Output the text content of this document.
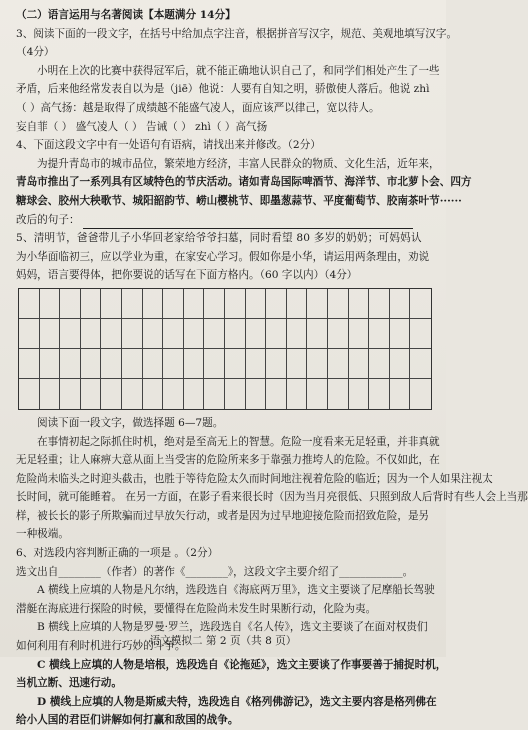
（二）语言运用与名著阅读【本题满分 14分】
3、阅读下面的一段文字，在括号中给加点字注音，根据拼音写汉字，规范、美观地填写汉字。
（4分）
小明在上次的比赛中获得冠军后，就不能正确地认识自己了，和同学们相处产生了一些
矛盾，后来他经常发表自以为是（jiē）他说：人要有自知之明，骄傲使人落后。他说 zhì
（ ）高气扬：越是取得了成绩越不能盛气凌人，面应该严以律己，宽以待人。
妄自菲（ ） 盛气凌人（ ） 告诫（ ） zhì（ ）高气扬
4、下面这段文字中有一处语句有语病，请找出来并修改。（2分）
为提升青岛市的城市品位，繁荣地方经济，丰富人民群众的物质、文化生活，近年来，
青岛市推出了一系列具有区域特色的节庆活动。诸如青岛国际啤酒节、海洋节、市北萝卜会、四方
糖球会、胶州大秧歌节、城阳韶韵节、崂山樱桃节、即墨葱蒜节、平度葡萄节、胶南茶叶节······
改后的句子：
5、清明节，爸爸带儿子小华回老家给爷爷扫墓，同时看望 80 多岁的奶奶；可妈妈认
为小华面临初三，应以学业为重，在家安心学习。假如你是小华，请运用两条理由，劝说
妈妈，语言要得体，把你要说的话写在下面方格内。（60 字以内）（4分）
阅读下面一段文字，做选择题 6—7题。
在事情初起之际抓住时机，绝对是至高无上的智慧。危险一度看来无足轻重，并非真就
无足轻重；让人麻痹大意从面上当受害的危险所来多于靠强力推垮人的危险。不仅如此，在
危险尚未临头之时迎头截击，也胜于等待危险太久而时间地注视着危险的临近；因为一个人如果注视太
长时间，就可能睡着。 在另一方面，在影子看来很长时（因为当月亮很低、只照到敌人后背时有些人会上当那
样，被长长的影子所欺骗而过早放矢行动，或者是因为过早地迎接危险而招致危险，是另
一种极端。
6、对选段内容判断正确的一项是 。（2分）
选文出自________（作者）的著作《________》，这段文字主要介绍了____________。
A 横线上应填的人物是凡尔纳，选段选自《海底两万里》，选文主要谈了尼摩船长驾驶
潜艇在海底进行探险的时候，要懂得在危险尚未发生时果断行动，化险为夷。
B 横线上应填的人物是罗曼·罗兰，选段选自《名人传》，选文主要谈了在面对权贵们
如何利用有利时机进行巧妙的斗争。
C 横线上应填的人物是培根，选段选自《论拖延》，选文主要谈了作事要善于捕捉时机，
当机立断、迅速行动。
D 横线上应填的人物是斯威夫特，选段选自《格列佛游记》，选文主要内容是格列佛在
给小人国的君臣们讲解如何打赢和敌国的战争。
语文模拟二 第 2 页（共 8 页）
